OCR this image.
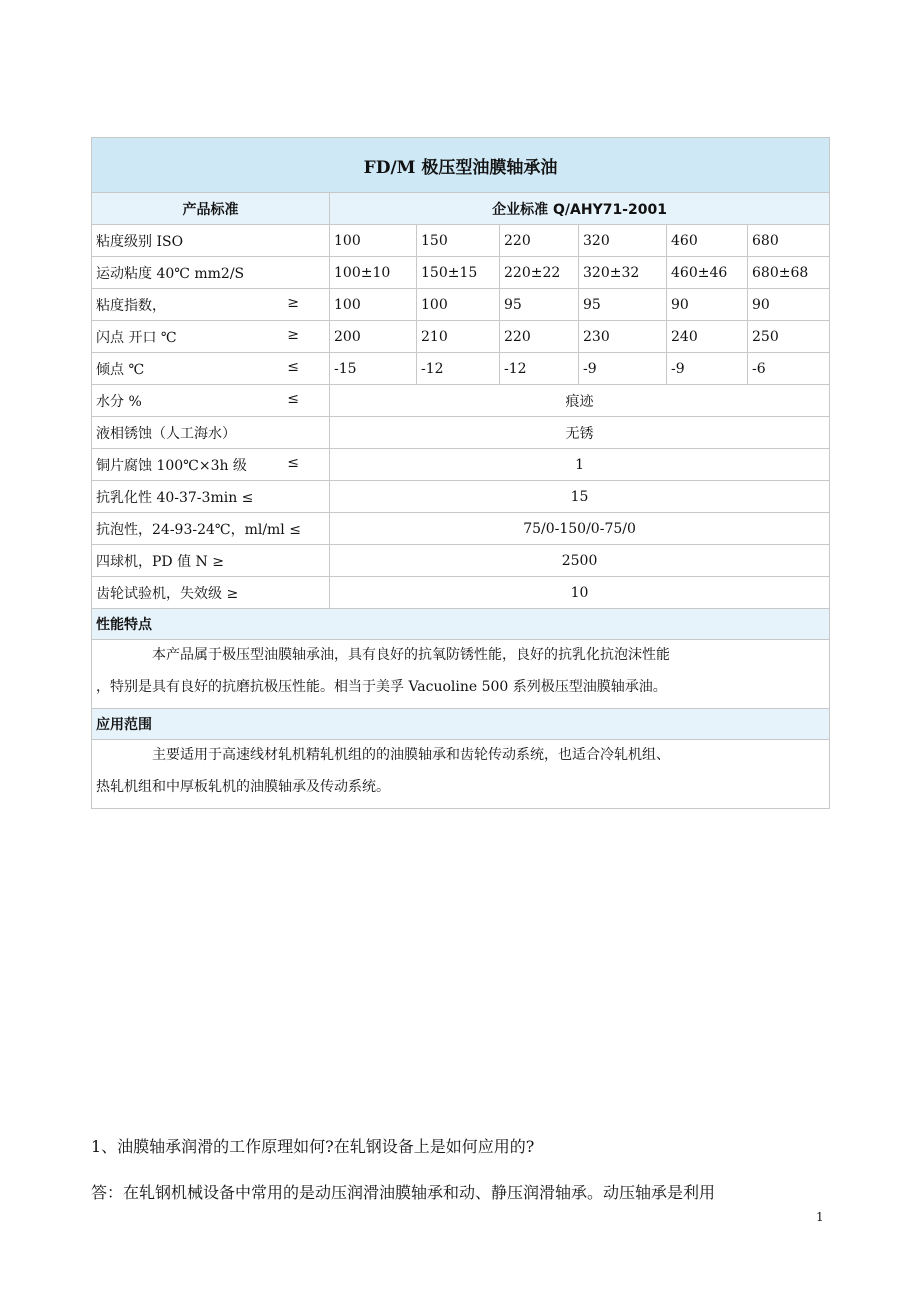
FD/M 极压型油膜轴承油						
产品标准	企业标准 Q/AHY71-2001					
粘度级别 ISO	100	150	220	320	460	680
运动粘度 40℃ mm2/S	100±10	150±15	220±22	320±32	460±46	680±68
粘度指数， ≥	100	100	95	95	90	90
闪点 开口 ℃ ≥	200	210	220	230	240	250
倾点 ℃ ≤	-15	-12	-12	-9	-9	-6
水分 % ≤	痕迹					
液相锈蚀（人工海水）	无锈					
铜片腐蚀 100℃×3h 级 ≤	1					
抗乳化性 40-37-3min ≤	15					
抗泡性，24-93-24℃，ml/ml ≤	75/0-150/0-75/0					
四球机，PD 值 N ≥	2500					
齿轮试验机，失效级 ≥	10					
性能特点						

本产品属于极压型油膜轴承油，具有良好的抗氧防锈性能，良好的抗乳化抗泡沫性能

，特别是具有良好的抗磨抗极压性能。相当于美孚 Vacuoline 500 系列极压型油膜轴承油。						

应用范围						

主要适用于高速线材轧机精轧机组的的油膜轴承和齿轮传动系统，也适合冷轧机组、

热轧机组和中厚板轧机的油膜轴承及传动系统。						

1、油膜轴承润滑的工作原理如何?在轧钢设备上是如何应用的?
答：在轧钢机械设备中常用的是动压润滑油膜轴承和动、静压润滑轴承。动压轴承是利用
1
